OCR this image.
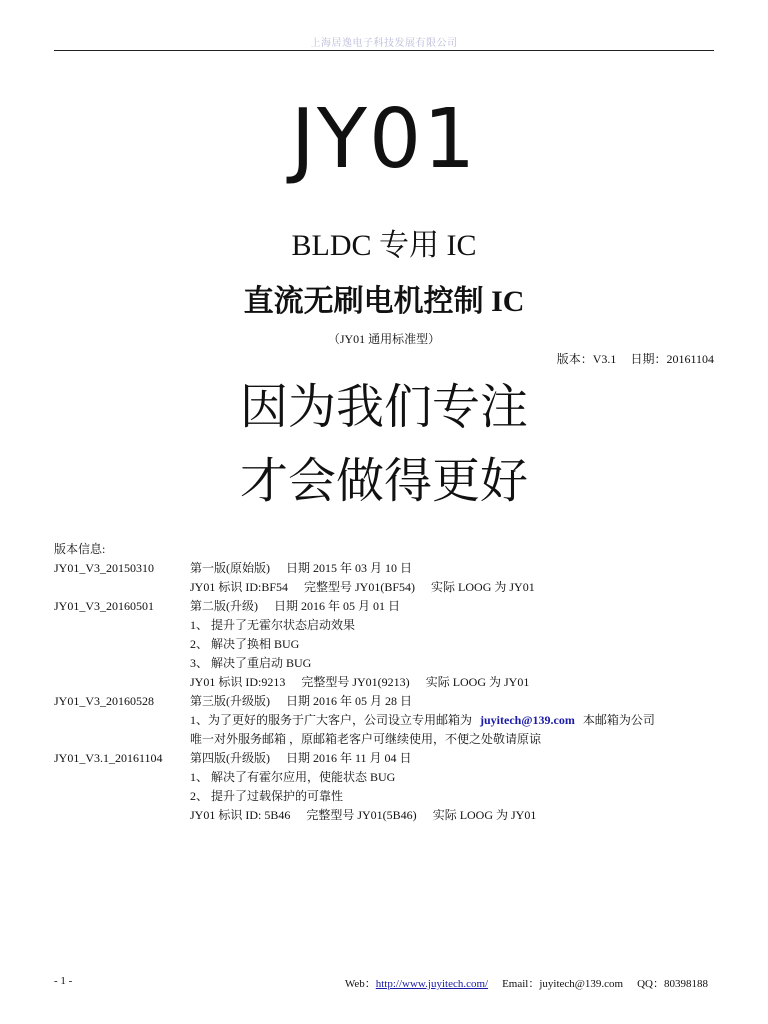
上海居逸电子科技发展有限公司
JY01
BLDC 专用 IC
直流无刷电机控制 IC
（JY01 通用标准型）
版本：V3.1 日期：20161104
因为我们专注
才会做得更好
版本信息:
JY01_V3_20150310	第一版(原始版) 日期 2015 年 03 月 10 日
JY01 标识 ID:BF54 完整型号 JY01(BF54) 实际 LOOG 为 JY01
JY01_V3_20160501	第二版(升级) 日期 2016 年 05 月 01 日
1、 提升了无霍尔状态启动效果
2、 解决了换相 BUG
3、 解决了重启动 BUG
JY01 标识 ID:9213 完整型号 JY01(9213) 实际 LOOG 为 JY01
JY01_V3_20160528	第三版(升级版) 日期 2016 年 05 月 28 日
1、为了更好的服务于广大客户，公司设立专用邮箱为 juyitech@139.com 本邮箱为公司
唯一对外服务邮箱 ，原邮箱老客户可继续使用，不便之处敬请原谅
JY01_V3.1_20161104 第四版(升级版) 日期 2016 年 11 月 04 日
1、 解决了有霍尔应用，使能状态 BUG
2、 提升了过载保护的可靠性
JY01 标识 ID: 5B46 完整型号 JY01(5B46) 实际 LOOG 为 JY01
- 1 -	Web：http://www.juyitech.com/ Email：juyitech@139.com QQ：80398188
